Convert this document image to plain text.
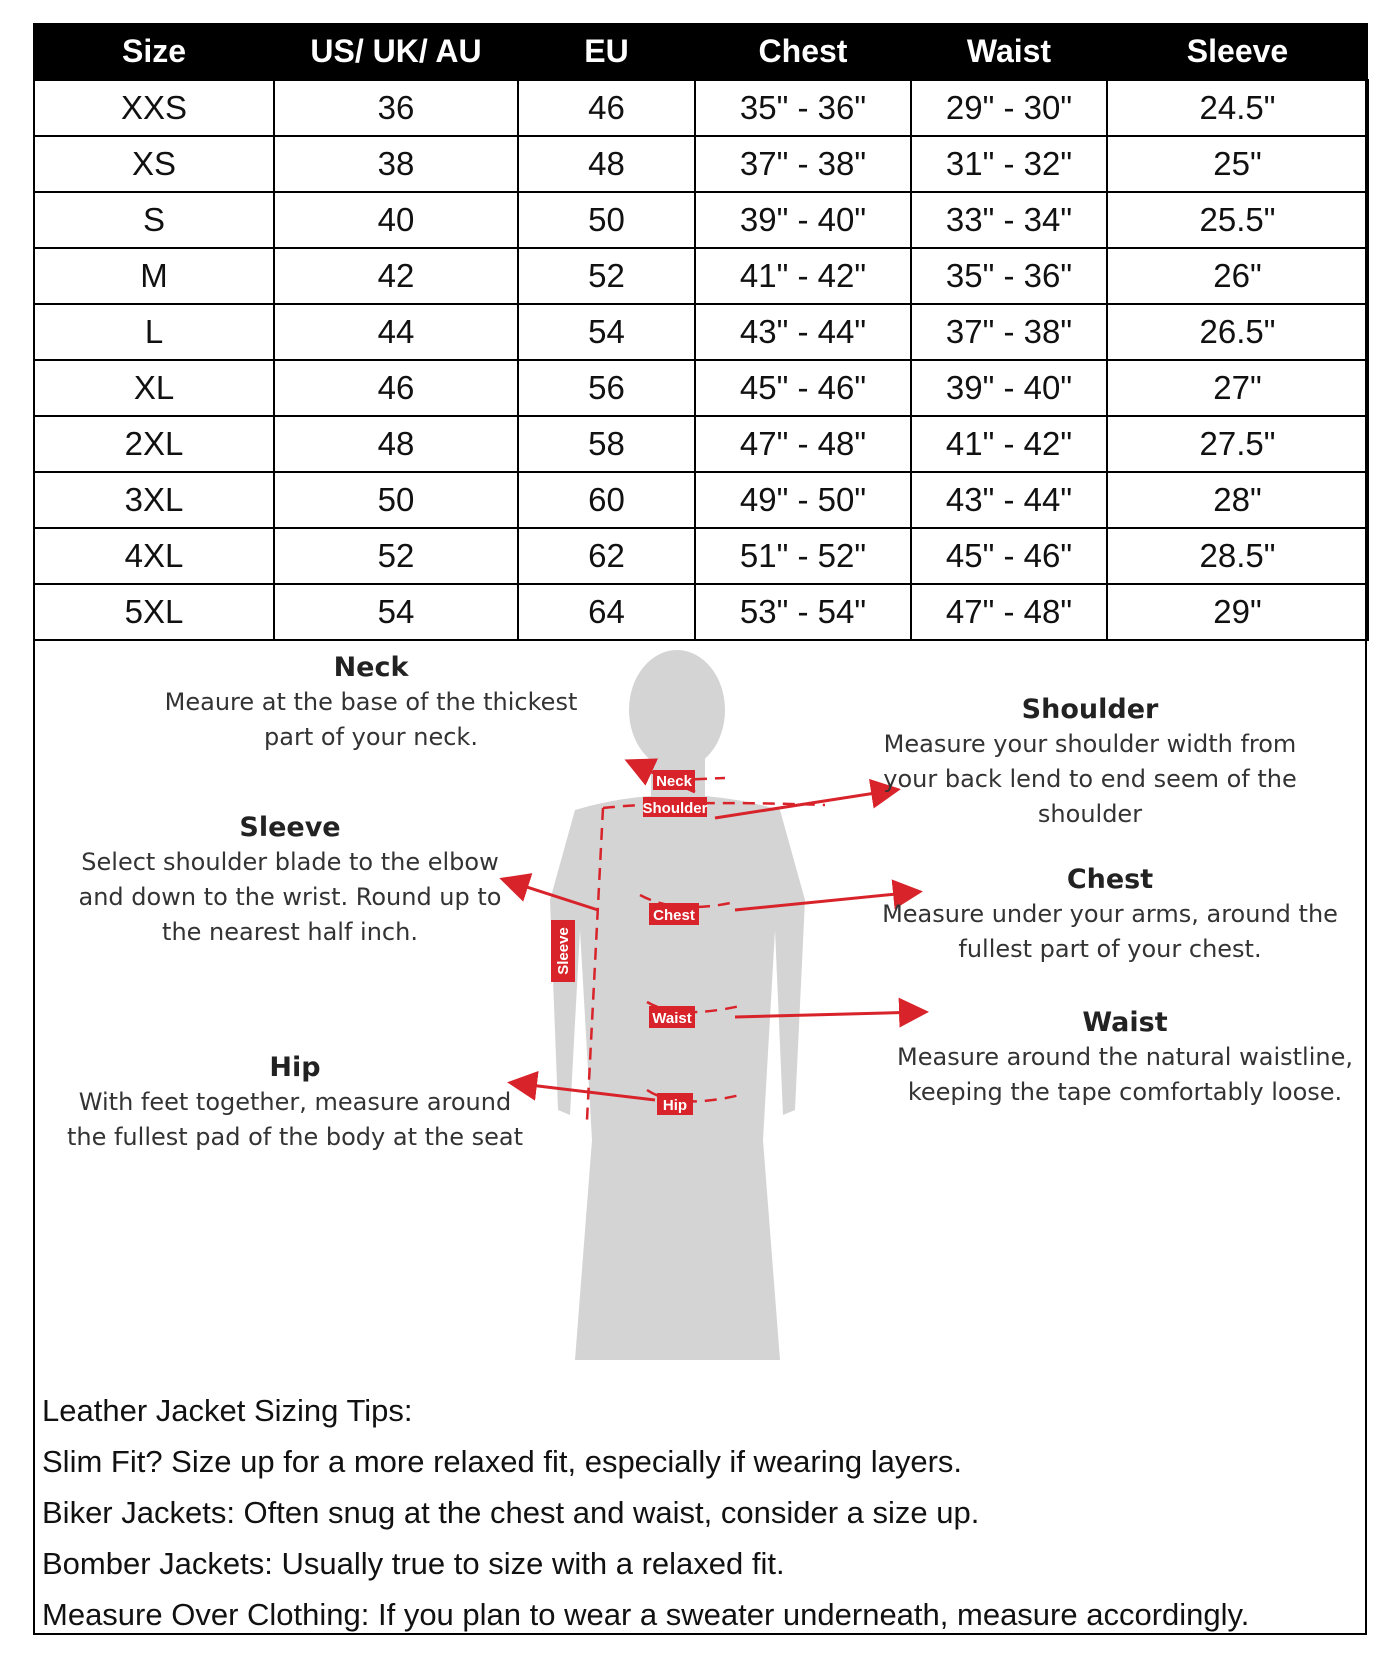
Size	US/ UK/ AU	EU	Chest	Waist	Sleeve
XXS	36	46	35" - 36"	29" - 30"	24.5"
XS	38	48	37" - 38"	31" - 32"	25"
S	40	50	39" - 40"	33" - 34"	25.5"
M	42	52	41" - 42"	35" - 36"	26"
L	44	54	43" - 44"	37" - 38"	26.5"
XL	46	56	45" - 46"	39" - 40"	27"
2XL	48	58	47" - 48"	41" - 42"	27.5"
3XL	50	60	49" - 50"	43" - 44"	28"
4XL	52	62	51" - 52"	45" - 46"	28.5"
5XL	54	64	53" - 54"	47" - 48"	29"
Neck
Shoulder
Chest
Waist
Hip
Sleeve
Neck
Meaure at the base of the thickest
part of your neck.
Sleeve
Select shoulder blade to the elbow
and down to the wrist. Round up to
the nearest half inch.
Hip
With feet together, measure around
the fullest pad of the body at the seat
Shoulder
Measure your shoulder width from
your back lend to end seem of the
shoulder
Chest
Measure under your arms, around the
fullest part of your chest.
Waist
Measure around the natural waistline,
keeping the tape comfortably loose.
Leather Jacket Sizing Tips:
Slim Fit? Size up for a more relaxed fit, especially if wearing layers.
Biker Jackets: Often snug at the chest and waist, consider a size up.
Bomber Jackets: Usually true to size with a relaxed fit.
Measure Over Clothing: If you plan to wear a sweater underneath, measure accordingly.
